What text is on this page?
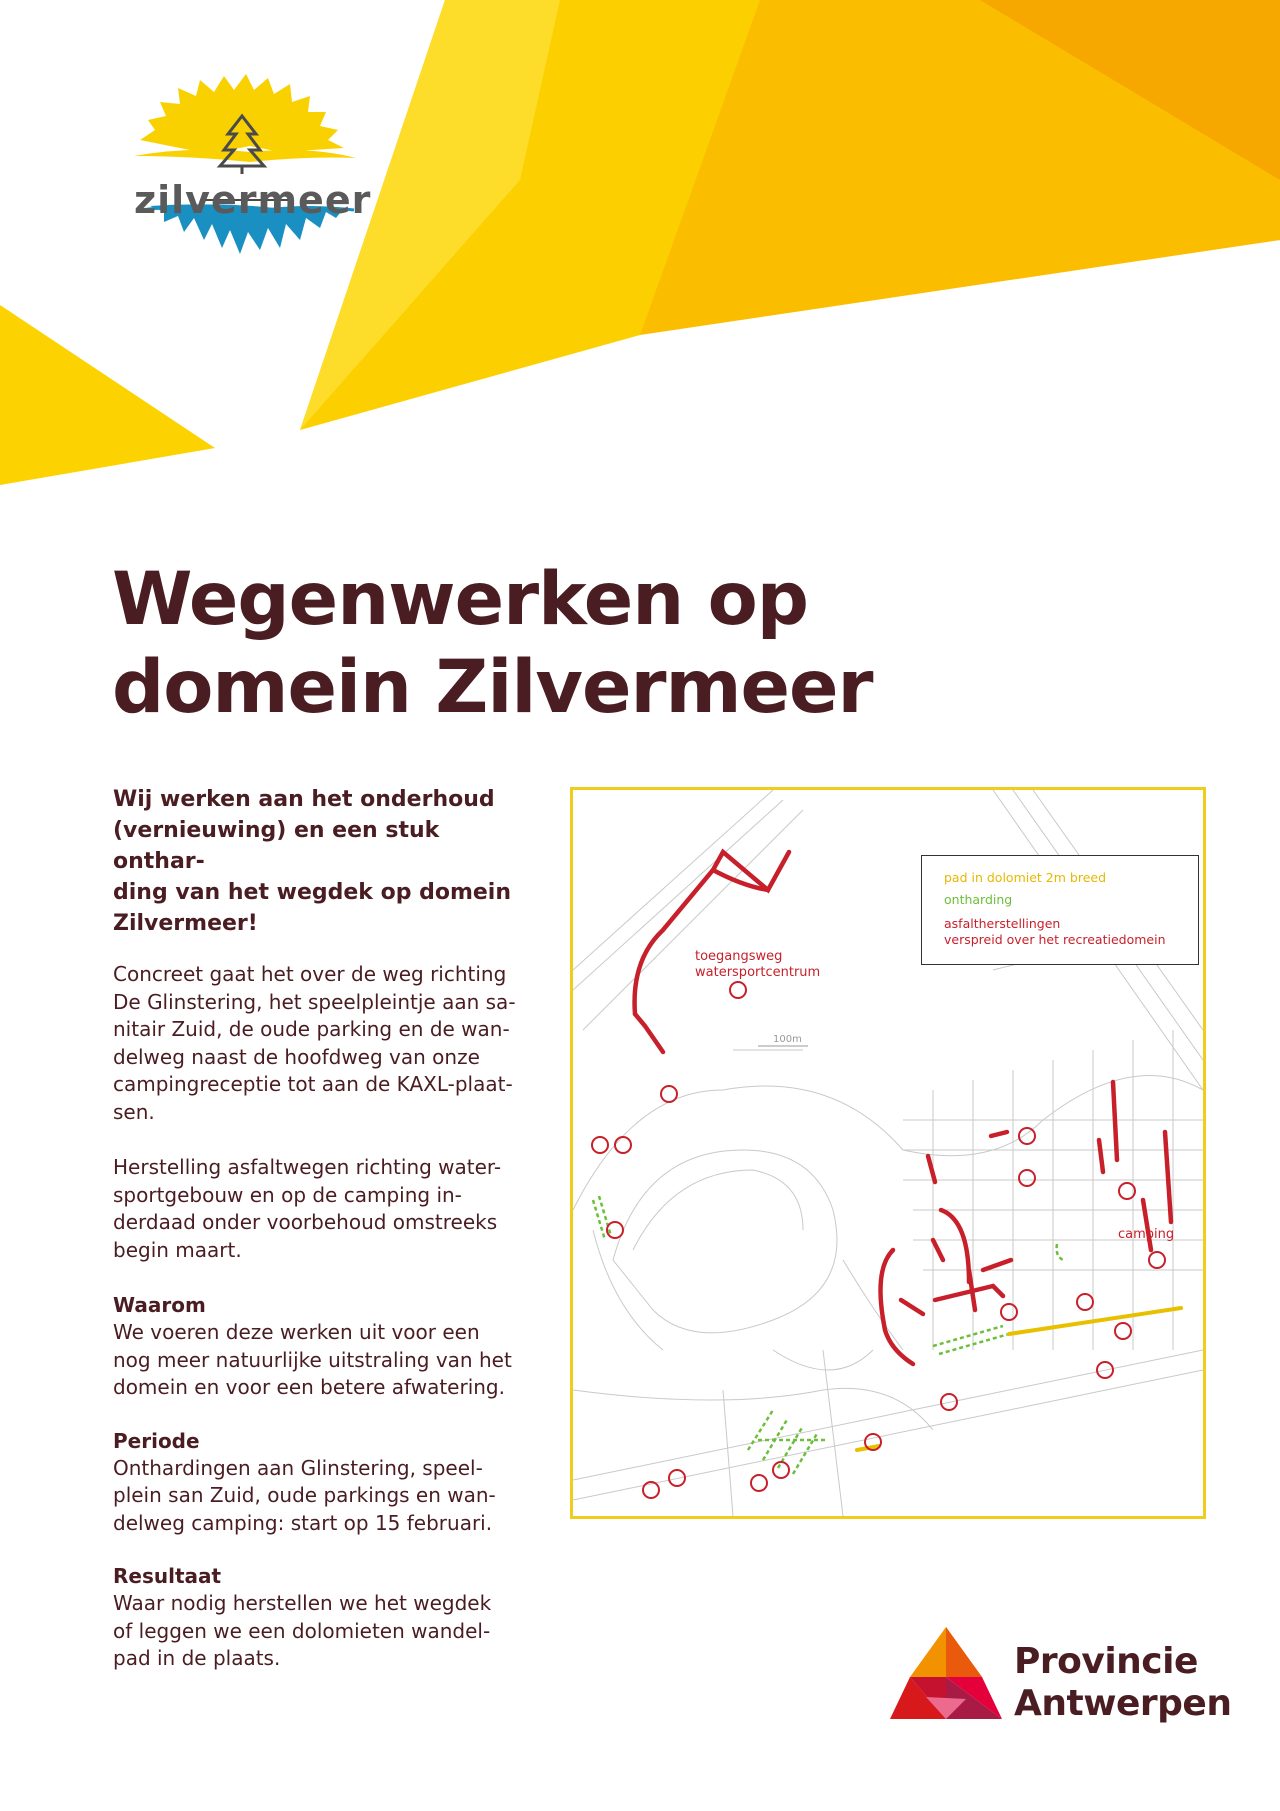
zilvermeer
Wegenwerken op
domein Zilvermeer

Wij werken aan het onderhoud
(vernieuwing) en een stuk onthar-
ding van het wegdek op domein
Zilvermeer!

Concreet gaat het over de weg richting
De Glinstering, het speelpleintje aan sa-
nitair Zuid, de oude parking en de wan-
delweg naast de hoofdweg van onze
campingreceptie tot aan de KAXL-plaat-
sen.

Herstelling asfaltwegen richting water-
sportgebouw en op de camping in-
derdaad onder voorbehoud omstreeks
begin maart.

Waarom

We voeren deze werken uit voor een
nog meer natuurlijke uitstraling van het
domein en voor een betere afwatering.

Periode

Onthardingen aan Glinstering, speel-
plein san Zuid, oude parkings en wan-
delweg camping: start op 15 februari.

Resultaat

Waar nodig herstellen we het wegdek
of leggen we een dolomieten wandel-
pad in de plaats.

100m
toegangsweg
watersportcentrum
camping
pad in dolomiet 2m breed
ontharding
asfaltherstellingen
verspreid over het recreatiedomein
Provincie
Antwerpen
